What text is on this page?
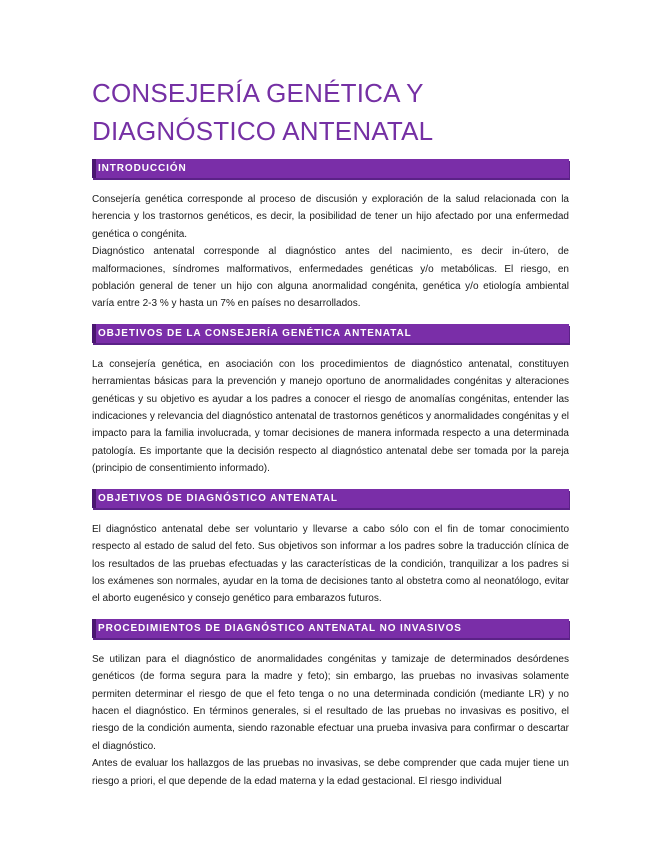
CONSEJERÍA GENÉTICA Y DIAGNÓSTICO ANTENATAL
INTRODUCCIÓN

Consejería genética corresponde al proceso de discusión y exploración de la salud relacionada con la herencia y los trastornos genéticos, es decir, la posibilidad de tener un hijo afectado por una enfermedad genética o congénita.

Diagnóstico antenatal corresponde al diagnóstico antes del nacimiento, es decir in-útero, de malformaciones, síndromes malformativos, enfermedades genéticas y/o metabólicas. El riesgo, en población general de tener un hijo con alguna anormalidad congénita, genética y/o etiología ambiental varía entre 2-3 % y hasta un 7% en países no desarrollados.

OBJETIVOS DE LA CONSEJERÍA GENÉTICA ANTENATAL

La consejería genética, en asociación con los procedimientos de diagnóstico antenatal, constituyen herramientas básicas para la prevención y manejo oportuno de anormalidades congénitas y alteraciones genéticas y su objetivo es ayudar a los padres a conocer el riesgo de anomalías congénitas, entender las indicaciones y relevancia del diagnóstico antenatal de trastornos genéticos y anormalidades congénitas y el impacto para la familia involucrada, y tomar decisiones de manera informada respecto a una determinada patología. Es importante que la decisión respecto al diagnóstico antenatal debe ser tomada por la pareja (principio de consentimiento informado).

OBJETIVOS DE DIAGNÓSTICO ANTENATAL

El diagnóstico antenatal debe ser voluntario y llevarse a cabo sólo con el fin de tomar conocimiento respecto al estado de salud del feto. Sus objetivos son informar a los padres sobre la traducción clínica de los resultados de las pruebas efectuadas y las características de la condición, tranquilizar a los padres si los exámenes son normales, ayudar en la toma de decisiones tanto al obstetra como al neonatólogo, evitar el aborto eugenésico y consejo genético para embarazos futuros.

PROCEDIMIENTOS DE DIAGNÓSTICO ANTENATAL NO INVASIVOS

Se utilizan para el diagnóstico de anormalidades congénitas y tamizaje de determinados desórdenes genéticos (de forma segura para la madre y feto); sin embargo, las pruebas no invasivas solamente permiten determinar el riesgo de que el feto tenga o no una determinada condición (mediante LR) y no hacen el diagnóstico. En términos generales, si el resultado de las pruebas no invasivas es positivo, el riesgo de la condición aumenta, siendo razonable efectuar una prueba invasiva para confirmar o descartar el diagnóstico.

Antes de evaluar los hallazgos de las pruebas no invasivas, se debe comprender que cada mujer tiene un riesgo a priori, el que depende de la edad materna y la edad gestacional. El riesgo individual
